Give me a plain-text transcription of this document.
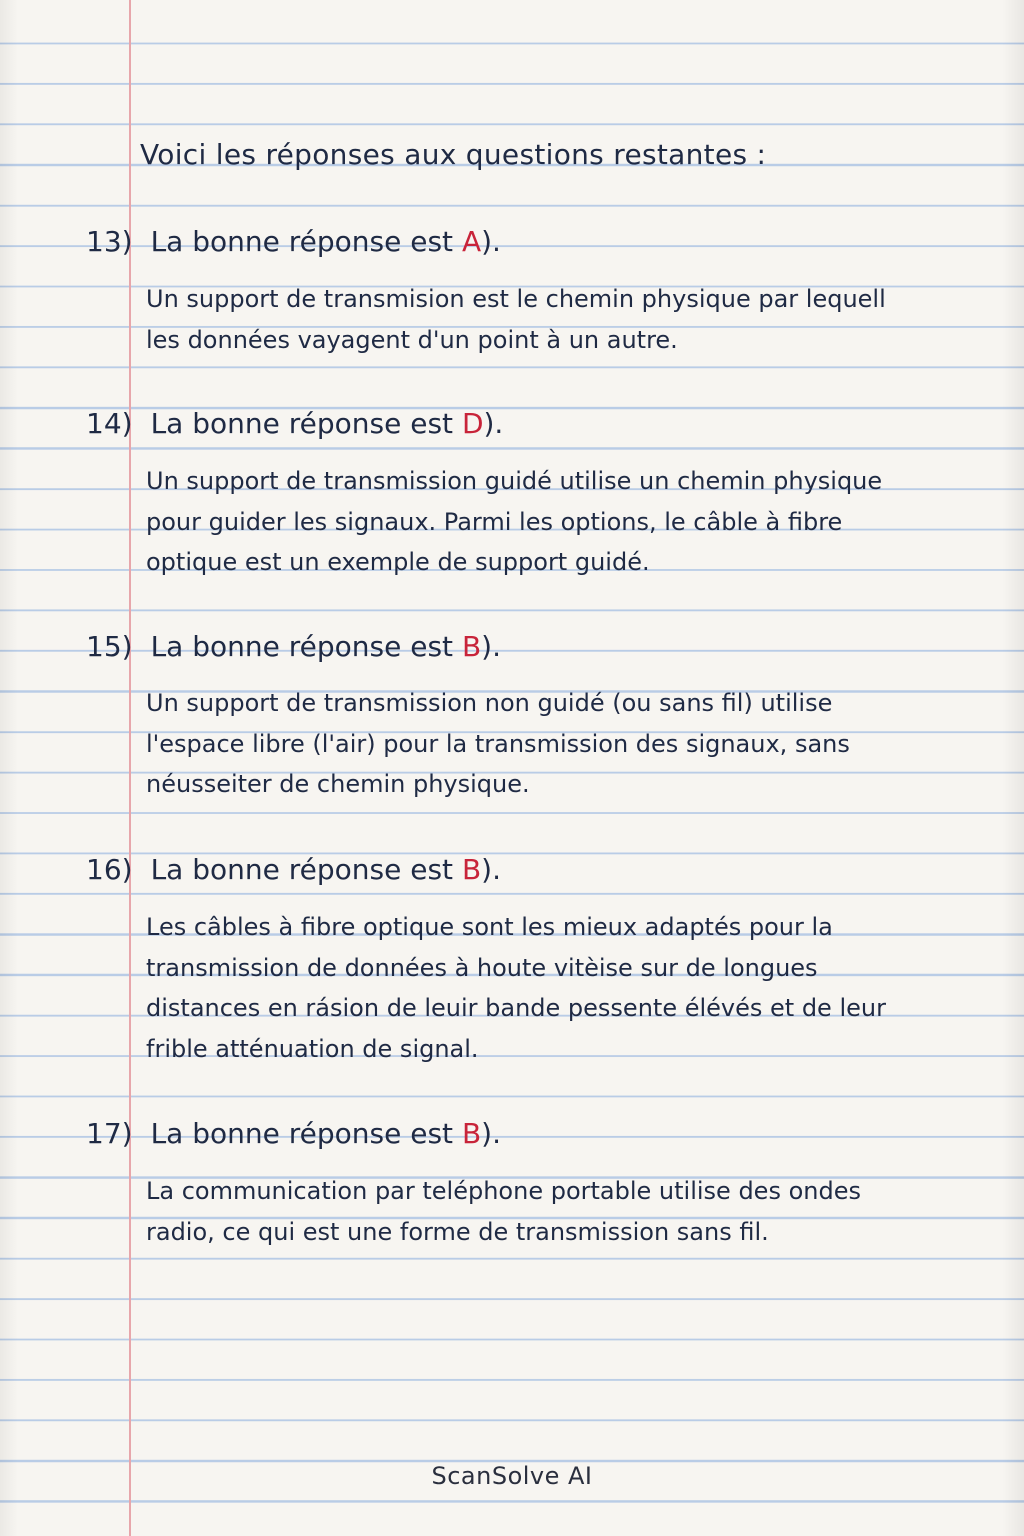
Voici les réponses aux questions restantes :
13) La bonne réponse est A).

Un support de transmision est le chemin physique par lequell

les données vayagent d'un point à un autre.

14) La bonne réponse est D).

Un support de transmission guidé utilise un chemin physique

pour guider les signaux. Parmi les options, le câble à fibre

optique est un exemple de support guidé.

15) La bonne réponse est B).

Un support de transmission non guidé (ou sans fil) utilise

l'espace libre (l'air) pour la transmission des signaux, sans

néusseiter de chemin physique.

16) La bonne réponse est B).

Les câbles à fibre optique sont les mieux adaptés pour la

transmission de données à houte vitèise sur de longues

distances en rásion de leuir bande pessente élévés et de leur

frible atténuation de signal.

17) La bonne réponse est B).

La communication par teléphone portable utilise des ondes

radio, ce qui est une forme de transmission sans fil.

ScanSolve AI
